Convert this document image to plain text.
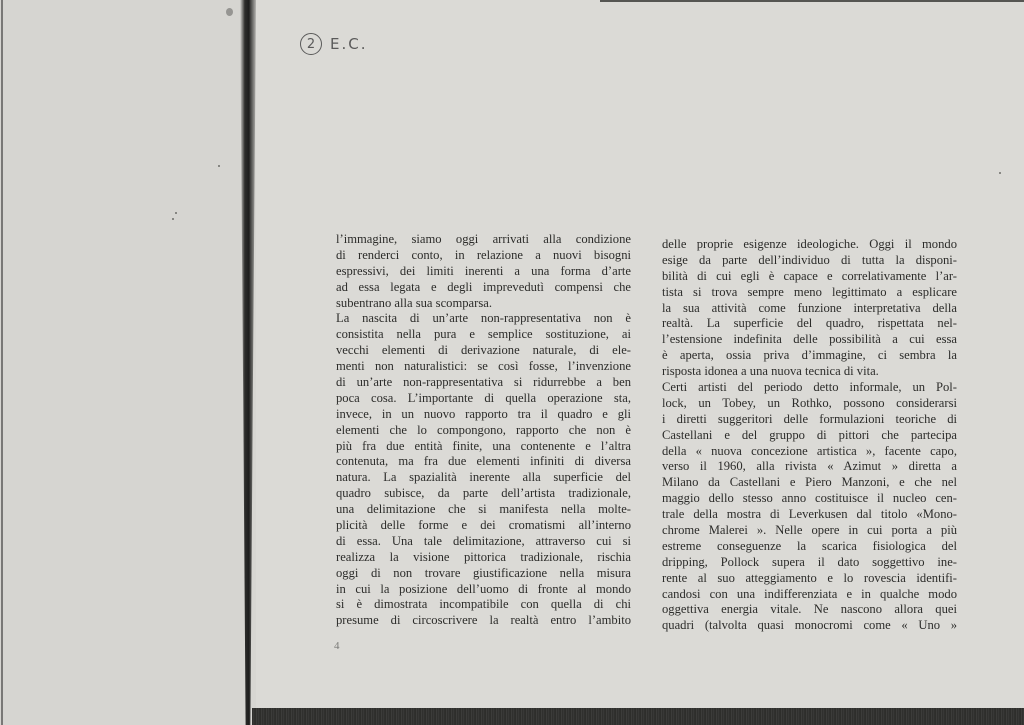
2 E.C.
l’immagine, siamo oggi arrivati alla condizione
di renderci conto, in relazione a nuovi bisogni
espressivi, dei limiti inerenti a una forma d’arte
ad essa legata e degli imprevedutì compensi che
subentrano alla sua scomparsa.
La nascita di un’arte non-rappresentativa non è
consistita nella pura e semplice sostituzione, ai
vecchi elementi di derivazione naturale, di ele-
menti non naturalistici: se così fosse, l’invenzione
di un’arte non-rappresentativa si ridurrebbe a ben
poca cosa. L’importante di quella operazione sta,
invece, in un nuovo rapporto tra il quadro e gli
elementi che lo compongono, rapporto che non è
più fra due entità finite, una contenente e l’altra
contenuta, ma fra due elementi infiniti di diversa
natura. La spazialità inerente alla superficie del
quadro subisce, da parte dell’artista tradizionale,
una delimitazione che si manifesta nella molte-
plicità delle forme e dei cromatismi all’interno
di essa. Una tale delimitazione, attraverso cui si
realizza la visione pittorica tradizionale, rischia
oggi di non trovare giustificazione nella misura
in cui la posizione dell’uomo di fronte al mondo
si è dimostrata incompatibile con quella di chi
presume di circoscrivere la realtà entro l’ambito
delle proprie esigenze ideologiche. Oggi il mondo
esige da parte dell’individuo di tutta la disponi-
bilità di cui egli è capace e correlativamente l’ar-
tista si trova sempre meno legittimato a esplicare
la sua attività come funzione interpretativa della
realtà. La superficie del quadro, rispettata nel-
l’estensione indefinita delle possibilità a cui essa
è aperta, ossia priva d’immagine, ci sembra la
risposta idonea a una nuova tecnica di vita.
Certi artisti del periodo detto informale, un Pol-
lock, un Tobey, un Rothko, possono considerarsi
i diretti suggeritori delle formulazioni teoriche di
Castellani e del gruppo di pittori che partecipa
della « nuova concezione artistica », facente capo,
verso il 1960, alla rivista « Azimut » diretta a
Milano da Castellani e Piero Manzoni, e che nel
maggio dello stesso anno costituisce il nucleo cen-
trale della mostra di Leverkusen dal titolo «Mono-
chrome Malerei ». Nelle opere in cui porta a più
estreme conseguenze la scarica fisiologica del
dripping, Pollock supera il dato soggettivo ine-
rente al suo atteggiamento e lo rovescia identifi-
candosi con una indifferenziata e in qualche modo
oggettiva energia vitale. Ne nascono allora quei
quadri (talvolta quasi monocromi come « Uno »
4
